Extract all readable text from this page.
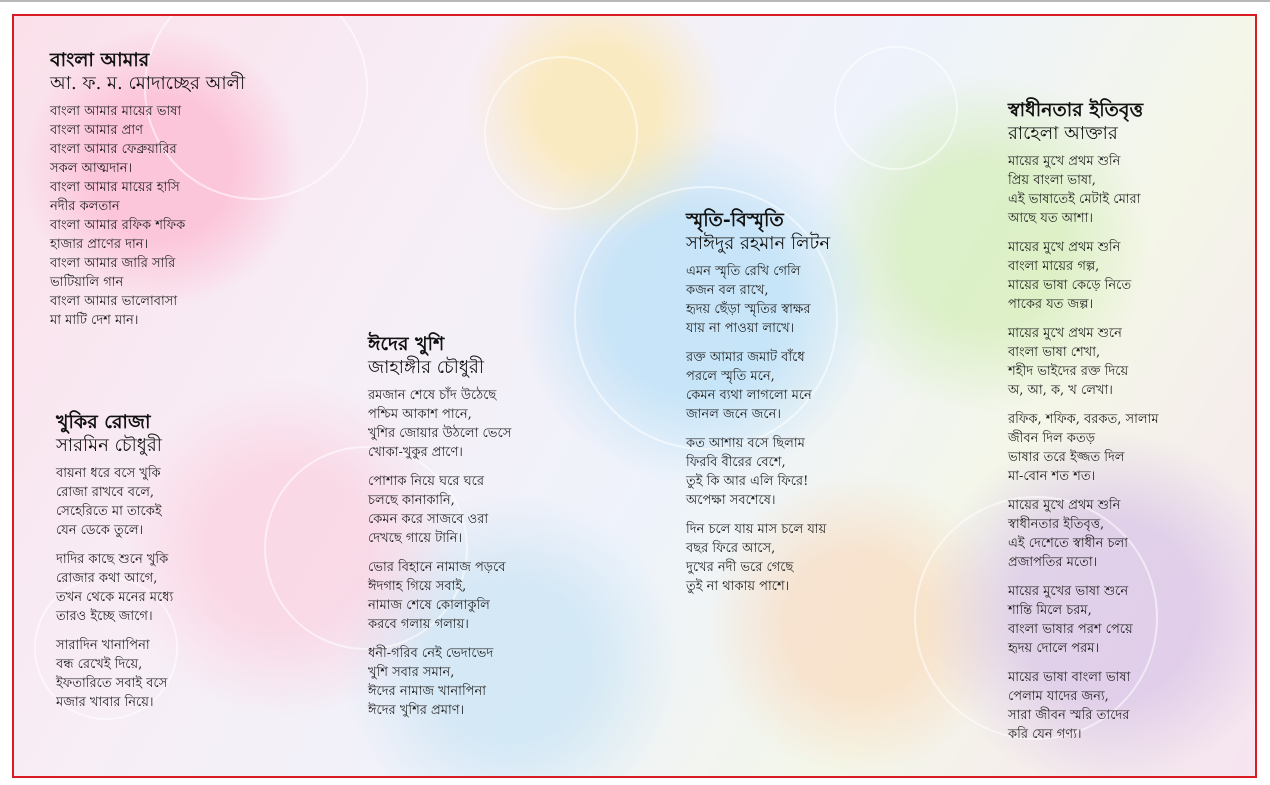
বাংলা আমার
আ. ফ. ম. মোদাচ্ছের আলী
বাংলা আমার মায়ের ভাষা
বাংলা আমার প্রাণ
বাংলা আমার ফেব্রুয়ারির
সকল আত্মদান।
বাংলা আমার মায়ের হাসি
নদীর কলতান
বাংলা আমার রফিক শফিক
হাজার প্রাণের দান।
বাংলা আমার জারি সারি
ভাটিয়ালি গান
বাংলা আমার ভালোবাসা
মা মাটি দেশ মান।
খুকির রোজা
সারমিন চৌধুরী
বায়না ধরে বসে খুকি
রোজা রাখবে বলে,
সেহেরিতে মা তাকেই
যেন ডেকে তুলে।
দাদির কাছে শুনে খুকি
রোজার কথা আগে,
তখন থেকে মনের মধ্যে
তারও ইচ্ছে জাগে।
সারাদিন খানাপিনা
বন্ধ রেখেই দিয়ে,
ইফতারিতে সবাই বসে
মজার খাবার নিয়ে।
ঈদের খুশি
জাহাঙ্গীর চৌধুরী
রমজান শেষে চাঁদ উঠেছে
পশ্চিম আকাশ পানে,
খুশির জোয়ার উঠলো ভেসে
খোকা-খুকুর প্রাণে।
পোশাক নিয়ে ঘরে ঘরে
চলছে কানাকানি,
কেমন করে সাজবে ওরা
দেখছে গায়ে টানি।
ভোর বিহানে নামাজ পড়বে
ঈদগাহ গিয়ে সবাই,
নামাজ শেষে কোলাকুলি
করবে গলায় গলায়।
ধনী-গরিব নেই ভেদাভেদ
খুশি সবার সমান,
ঈদের নামাজ খানাপিনা
ঈদের খুশির প্রমাণ।
স্মৃতি-বিস্মৃতি
সাঈদুর রহমান লিটন
এমন স্মৃতি রেখি গেলি
কজন বল রাখে,
হৃদয় ছেঁড়া স্মৃতির স্বাক্ষর
যায় না পাওয়া লাখে।
রক্ত আমার জমাট বাঁধে
পরলে স্মৃতি মনে,
কেমন ব্যথা লাগলো মনে
জানল জনে জনে।
কত আশায় বসে ছিলাম
ফিরবি বীরের বেশে,
তুই কি আর এলি ফিরে!
অপেক্ষা সবশেষে।
দিন চলে যায় মাস চলে যায়
বছর ফিরে আসে,
দুখের নদী ভরে গেছে
তুই না থাকায় পাশে।
স্বাধীনতার ইতিবৃত্ত
রাহেলা আক্তার
মায়ের মুখে প্রথম শুনি
প্রিয় বাংলা ভাষা,
এই ভাষাতেই মেটাই মোরা
আছে যত আশা।
মায়ের মুখে প্রথম শুনি
বাংলা মায়ের গল্প,
মায়ের ভাষা কেড়ে নিতে
পাকের যত জল্প।
মায়ের মুখে প্রথম শুনে
বাংলা ভাষা শেখা,
শহীদ ভাইদের রক্ত দিয়ে
অ, আ, ক, খ লেখা।
রফিক, শফিক, বরকত, সালাম
জীবন দিল কতড়
ভাষার তরে ইজ্জত দিল
মা-বোন শত শত।
মায়ের মুখে প্রথম শুনি
স্বাধীনতার ইতিবৃত্ত,
এই দেশেতে স্বাধীন চলা
প্রজাপতির মতো।
মায়ের মুখের ভাষা শুনে
শান্তি মিলে চরম,
বাংলা ভাষার পরশ পেয়ে
হৃদয় দোলে পরম।
মায়ের ভাষা বাংলা ভাষা
পেলাম যাদের জন্য,
সারা জীবন স্মরি তাদের
করি যেন গণ্য।
